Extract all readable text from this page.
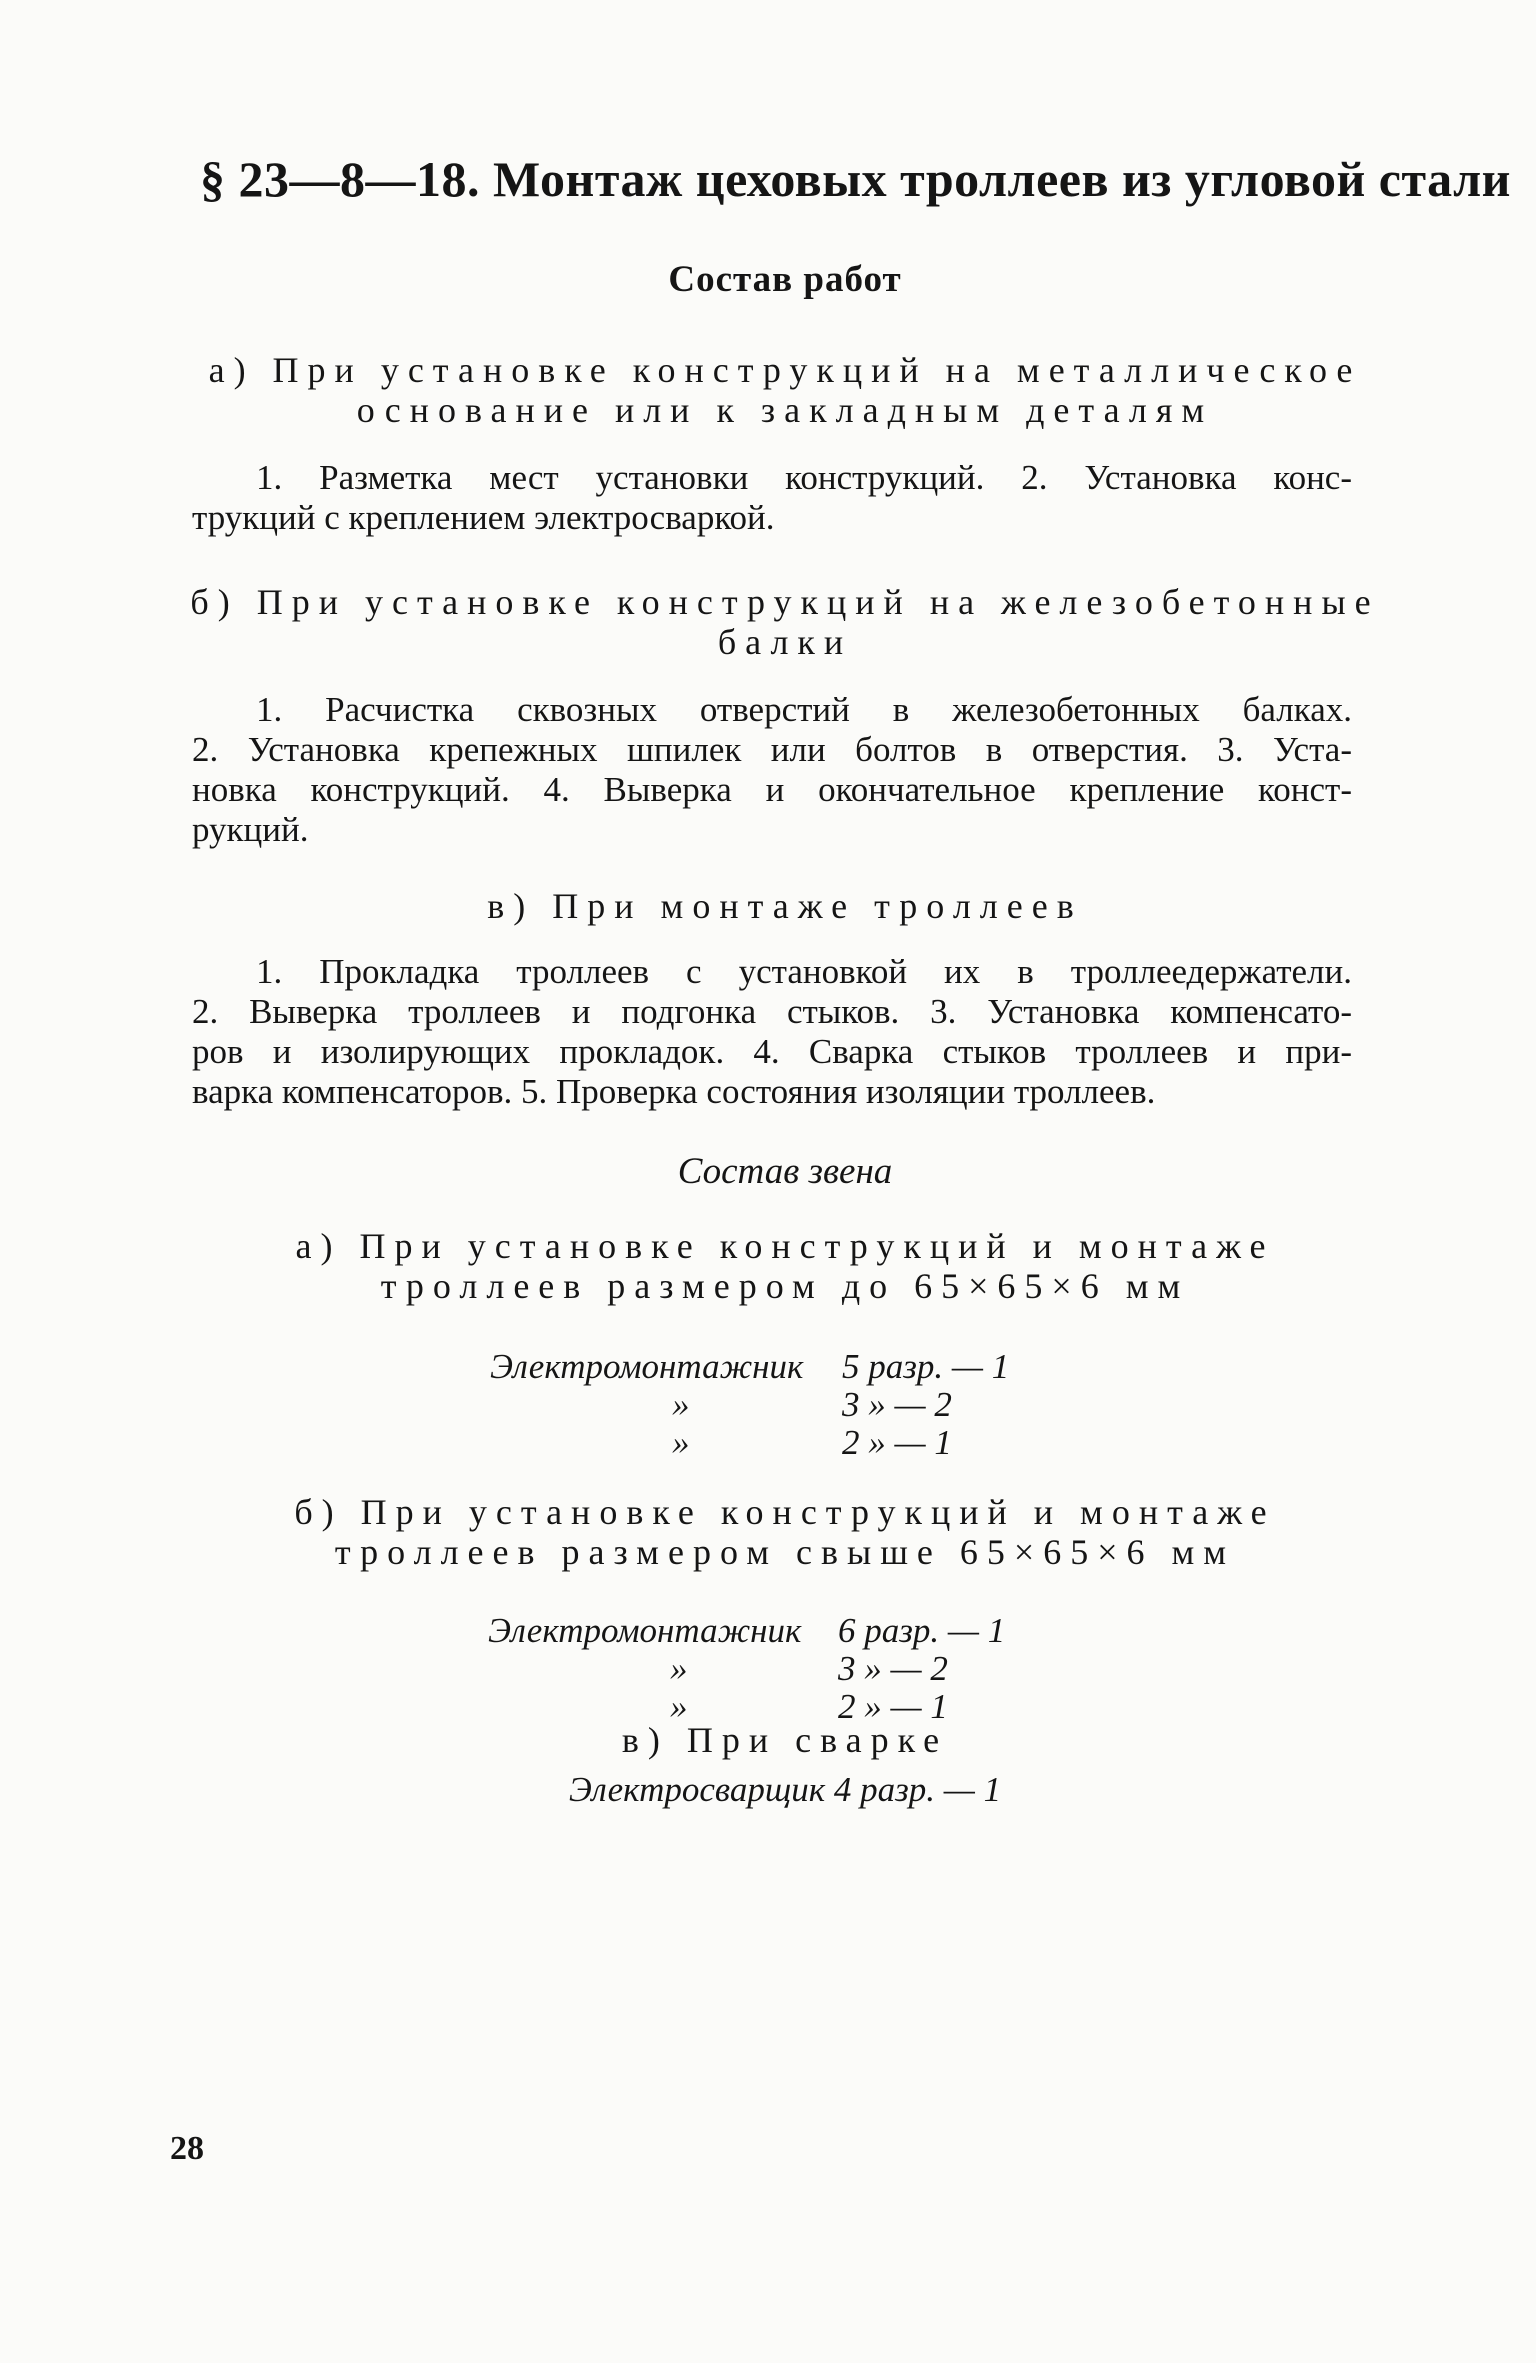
§ 23—8—18. Монтаж цеховых троллеев из угловой стали
Состав работ
а) При установке конструкций на металлическое
основание или к закладным деталям
1. Разметка мест установки конструкций. 2. Установка конс-
трукций с креплением электросваркой.
б) При установке конструкций на железобетонные
балки
1. Расчистка сквозных отверстий в железобетонных балках.
2. Установка крепежных шпилек или болтов в отверстия. 3. Уста-
новка конструкций. 4. Выверка и окончательное крепление конст-
рукций.
в) При монтаже троллеев
1. Прокладка троллеев с установкой их в троллеедержатели.
2. Выверка троллеев и подгонка стыков. 3. Установка компенсато-
ров и изолирующих прокладок. 4. Сварка стыков троллеев и при-
варка компенсаторов. 5. Проверка состояния изоляции троллеев.
Состав звена
а) При установке конструкций и монтаже
троллеев размером до 65×65×6 мм
Электромонтажник 5 разр. — 1
»	3 » — 2
»	2 » — 1
б) При установке конструкций и монтаже
троллеев размером свыше 65×65×6 мм
Электромонтажник 6 разр. — 1
»	3 » — 2
»	2 » — 1
в) При сварке
Электросварщик 4 разр. — 1
28
